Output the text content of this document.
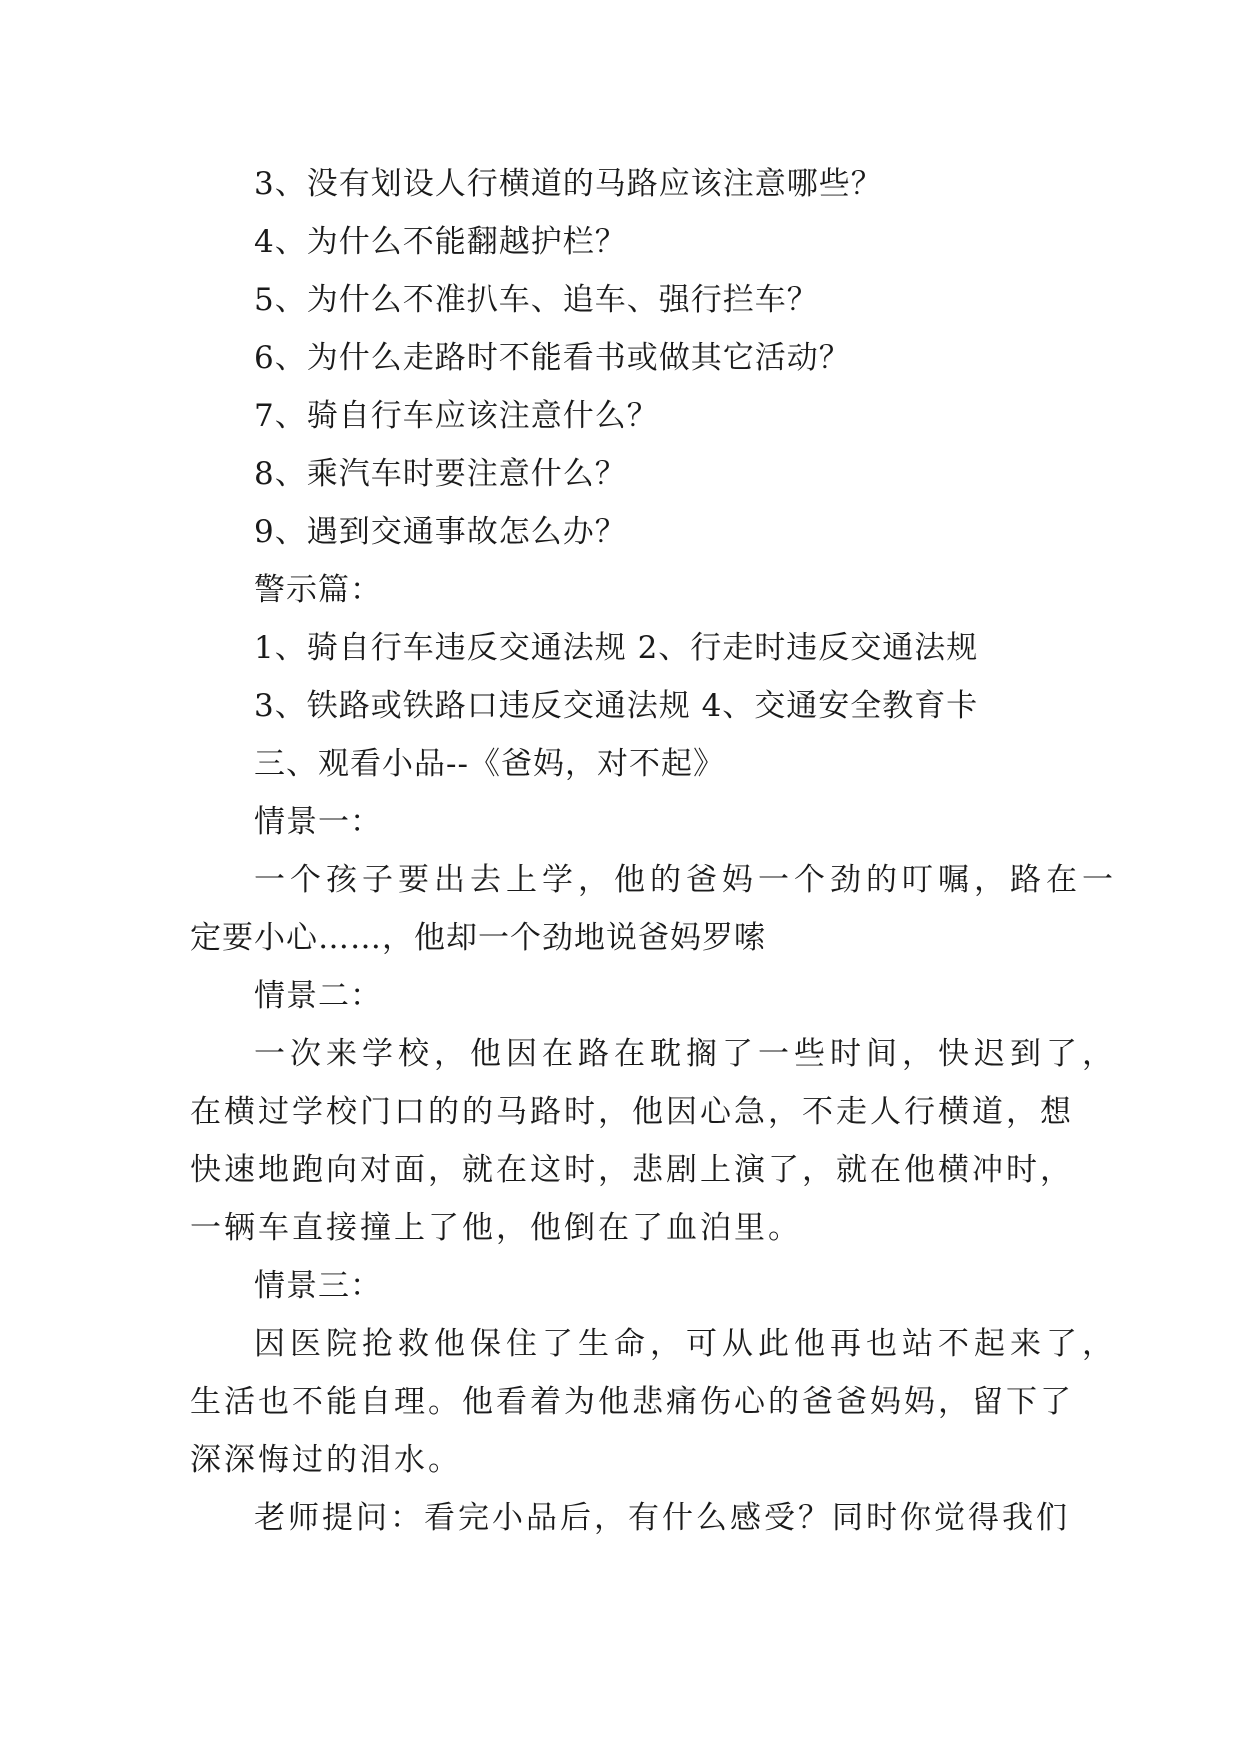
3、没有划设人行横道的马路应该注意哪些？
4、为什么不能翻越护栏？
5、为什么不准扒车、追车、强行拦车？
6、为什么走路时不能看书或做其它活动？
7、骑自行车应该注意什么？
8、乘汽车时要注意什么？
9、遇到交通事故怎么办？
警示篇：
1、骑自行车违反交通法规 2、行走时违反交通法规
3、铁路或铁路口违反交通法规 4、交通安全教育卡
三、观看小品--《爸妈，对不起》
情景一：
一个孩子要出去上学，他的爸妈一个劲的叮嘱，路在一
定要小心……，他却一个劲地说爸妈罗嗦
情景二：
一次来学校，他因在路在耽搁了一些时间，快迟到了，
在横过学校门口的的马路时，他因心急，不走人行横道，想
快速地跑向对面，就在这时，悲剧上演了，就在他横冲时，
一辆车直接撞上了他，他倒在了血泊里。
情景三：
因医院抢救他保住了生命，可从此他再也站不起来了，
生活也不能自理。他看着为他悲痛伤心的爸爸妈妈，留下了
深深悔过的泪水。
老师提问：看完小品后，有什么感受？同时你觉得我们
